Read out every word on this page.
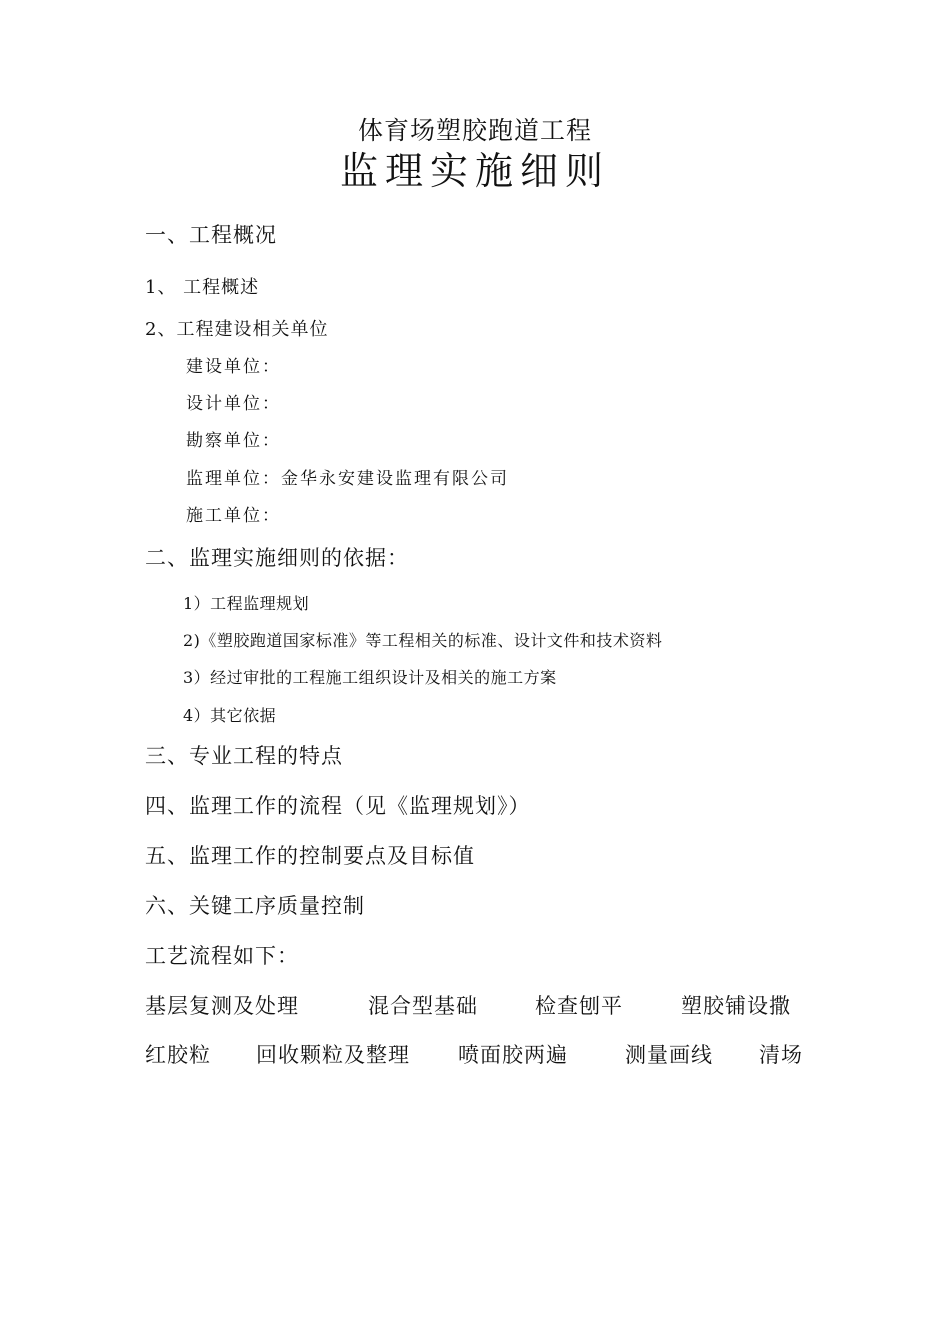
体育场塑胶跑道工程
监理实施细则
一、工程概况
1、 工程概述
2、工程建设相关单位
建设单位：
设计单位：
勘察单位：
监理单位：金华永安建设监理有限公司
施工单位：
二、监理实施细则的依据：
1）工程监理规划
2)《塑胶跑道国家标准》等工程相关的标准、设计文件和技术资料
3）经过审批的工程施工组织设计及相关的施工方案
4）其它依据
三、专业工程的特点
四、监理工作的流程（见《监理规划》）
五、监理工作的控制要点及目标值
六、关键工序质量控制
工艺流程如下：
基层复测及处理	混合型基础	检查刨平	塑胶铺设撒
红胶粒 回收颗粒及整理 喷面胶两遍	测量画线 清场
